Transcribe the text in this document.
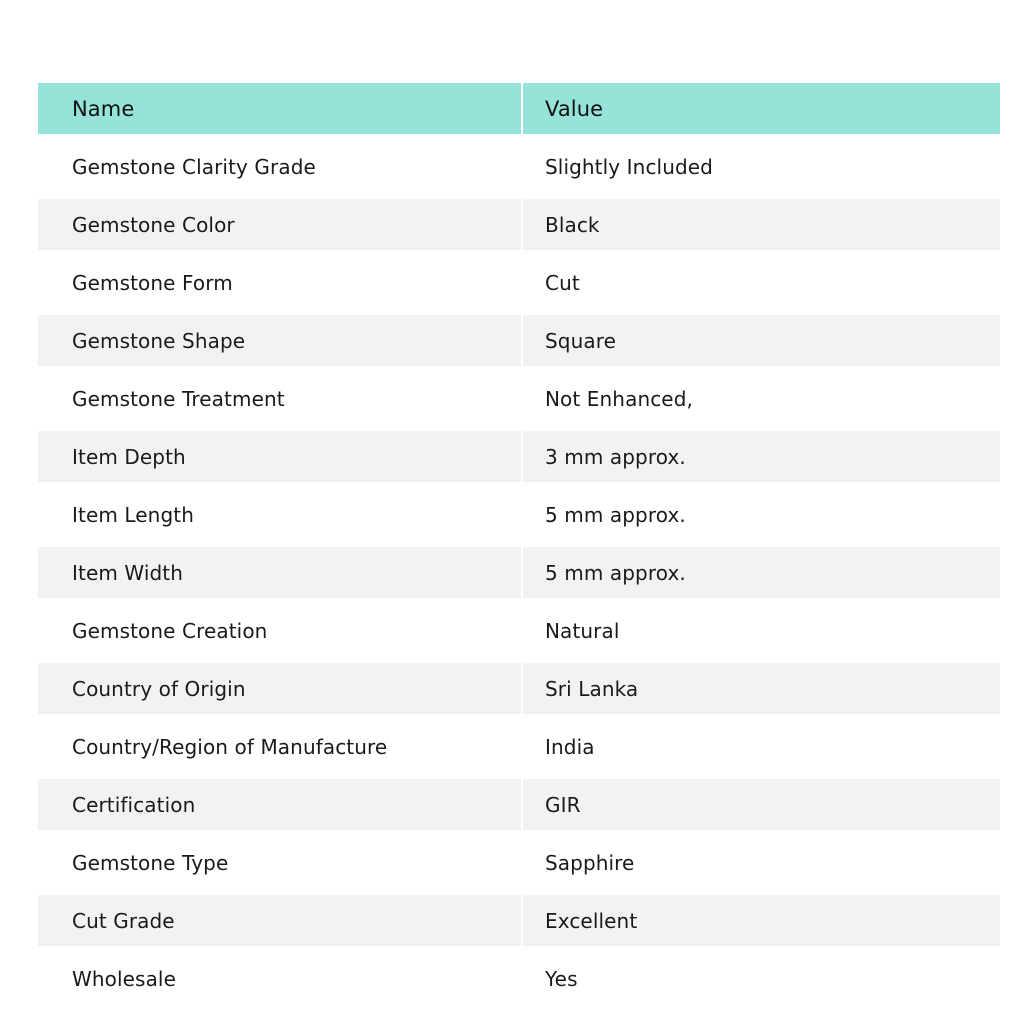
Name	Value
Gemstone Clarity Grade	Slightly Included
Gemstone Color	Black
Gemstone Form	Cut
Gemstone Shape	Square
Gemstone Treatment	Not Enhanced,
Item Depth	3 mm approx.
Item Length	5 mm approx.
Item Width	5 mm approx.
Gemstone Creation	Natural
Country of Origin	Sri Lanka
Country/Region of Manufacture	India
Certification	GIR
Gemstone Type	Sapphire
Cut Grade	Excellent
Wholesale	Yes
